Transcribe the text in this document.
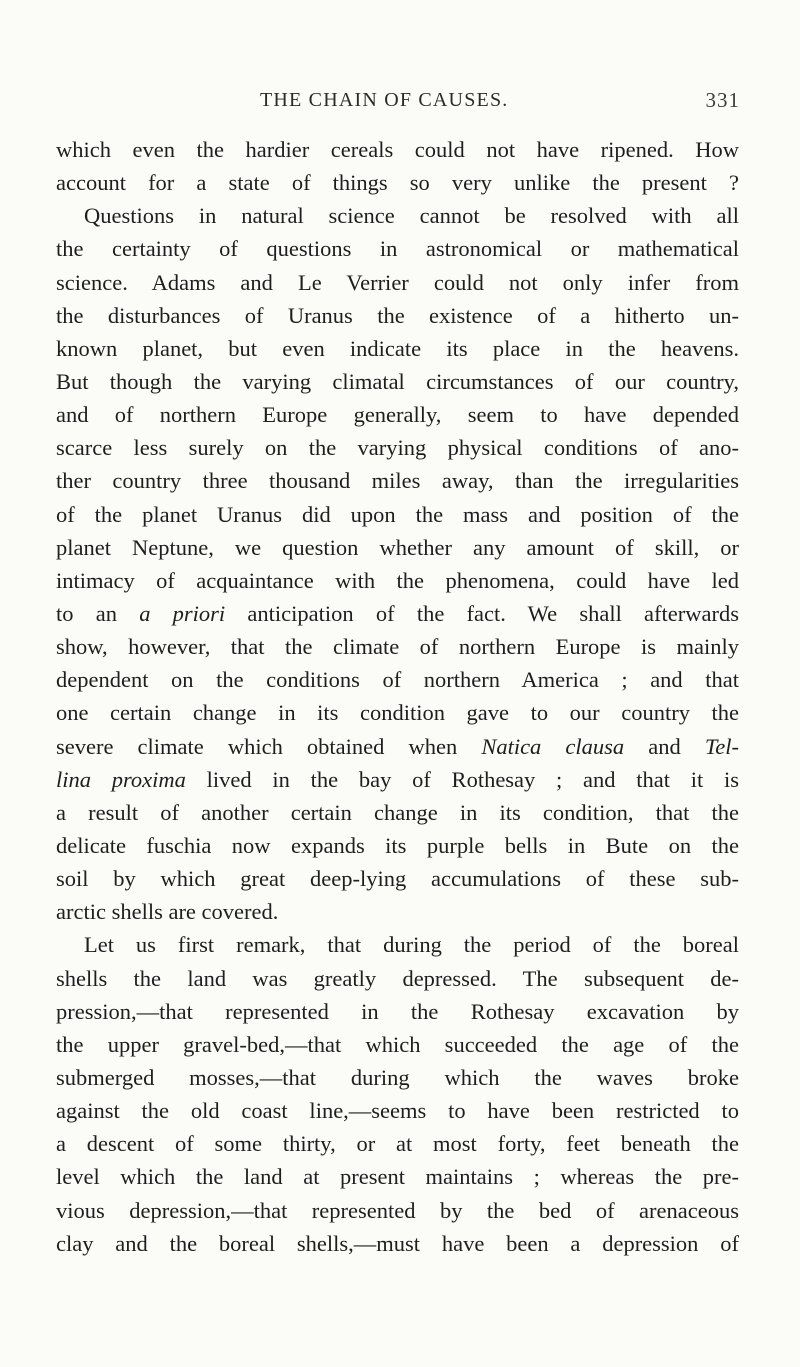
THE CHAIN OF CAUSES.	331
which even the hardier cereals could not have ripened. How
account for a state of things so very unlike the present ?
Questions in natural science cannot be resolved with all
the certainty of questions in astronomical or mathematical
science. Adams and Le Verrier could not only infer from
the disturbances of Uranus the existence of a hitherto un-
known planet, but even indicate its place in the heavens.
But though the varying climatal circumstances of our country,
and of northern Europe generally, seem to have depended
scarce less surely on the varying physical conditions of ano-
ther country three thousand miles away, than the irregularities
of the planet Uranus did upon the mass and position of the
planet Neptune, we question whether any amount of skill, or
intimacy of acquaintance with the phenomena, could have led
to an a priori anticipation of the fact. We shall afterwards
show, however, that the climate of northern Europe is mainly
dependent on the conditions of northern America ; and that
one certain change in its condition gave to our country the
severe climate which obtained when Natica clausa and Tel-
lina proxima lived in the bay of Rothesay ; and that it is
a result of another certain change in its condition, that the
delicate fuschia now expands its purple bells in Bute on the
soil by which great deep-lying accumulations of these sub-
arctic shells are covered.
Let us first remark, that during the period of the boreal
shells the land was greatly depressed. The subsequent de-
pression,—that represented in the Rothesay excavation by
the upper gravel-bed,—that which succeeded the age of the
submerged mosses,—that during which the waves broke
against the old coast line,—seems to have been restricted to
a descent of some thirty, or at most forty, feet beneath the
level which the land at present maintains ; whereas the pre-
vious depression,—that represented by the bed of arenaceous
clay and the boreal shells,—must have been a depression of
